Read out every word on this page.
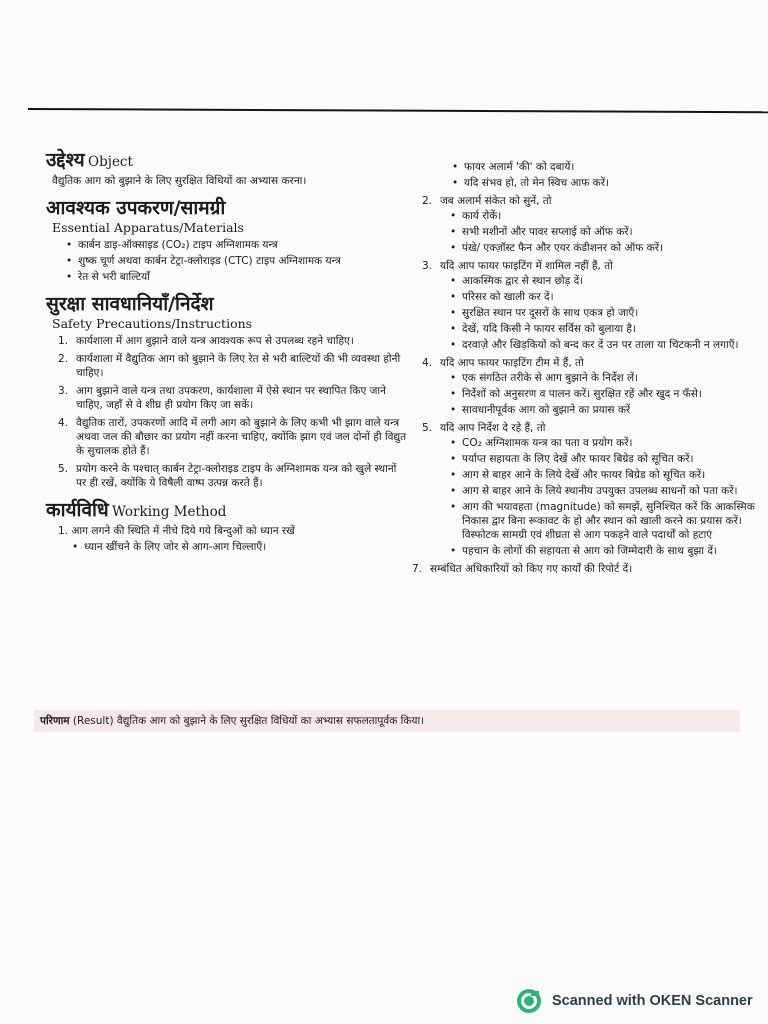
उद्देश्य Object
वैद्युतिक आग को बुझाने के लिए सुरक्षित विधियों का अभ्यास करना।
आवश्यक उपकरण/सामग्री
Essential Apparatus/Materials
• कार्बन डाइ-ऑक्साइड (CO₂) टाइप अग्निशामक यन्त्र
• शुष्क चूर्ण अथवा कार्बन टेट्रा-क्लोराइड (CTC) टाइप अग्निशामक यन्त्र
• रेत से भरी बाल्टियाँ
सुरक्षा सावधानियाँ/निर्देश
Safety Precautions/Instructions
1. कार्यशाला में आग बुझाने वाले यन्त्र आवश्यक रूप से उपलब्ध रहने चाहिए।
2. कार्यशाला में वैद्युतिक आग को बुझाने के लिए रेत से भरी बाल्टियों की भी व्यवस्था होनी चाहिए।
3. आग बुझाने वाले यन्त्र तथा उपकरण, कार्यशाला में ऐसे स्थान पर स्थापित किए जाने चाहिए, जहाँ से वे शीघ्र ही प्रयोग किए जा सकें।
4. वैद्युतिक तारों, उपकरणों आदि में लगी आग को बुझाने के लिए कभी भी झाग वाले यन्त्र अथवा जल की बौछार का प्रयोग नहीं करना चाहिए, क्योंकि झाग एवं जल दोनों ही विद्युत के सुचालक होते हैं।
5. प्रयोग करने के पश्चात् कार्बन टेट्रा-क्लोराइड टाइप के अग्निशामक यन्त्र को खुले स्थानों पर ही रखें, क्योंकि ये विषैली वाष्प उत्पन्न करते हैं।
कार्यविधि Working Method
1. आग लगने की स्थिति में नीचे दिये गये बिन्दुओं को ध्यान रखें
• ध्यान खींचने के लिए जोर से आग-आग चिल्लाएँ।
• फायर अलार्म 'की' को दबायें।
• यदि संभव हो, तो मेन स्विच आफ करें।
2. जब अलार्म संकेत को सुनें, तो
• कार्य रोकें।
• सभी मशीनों और पावर सप्लाई को ऑफ करें।
• पंखे/ एक्ज़ॉस्ट फैन और एयर कंडीशनर को ऑफ करें।
3. यदि आप फायर फाइटिंग में शामिल नहीं हैं, तो
• आकस्मिक द्वार से स्थान छोड़ दें।
• परिसर को खाली कर दें।
• सुरक्षित स्थान पर दूसरों के साथ एकत्र हो जाएँ।
• देखें, यदि किसी ने फायर सर्विस को बुलाया है।
• दरवाज़े और खिड़कियों को बन्द कर दें उन पर ताला या चिटकनी न लगाएँ।
4. यदि आप फायर फाइटिंग टीम में हैं, तो
• एक संगठित तरीके से आग बुझाने के निर्देश लें।
• निर्देशों को अनुसरण व पालन करें। सुरक्षित रहें और खुद न फँसे।
• सावधानीपूर्वक आग को बुझाने का प्रयास करें
5. यदि आप निर्देश दे रहे हैं, तो
• CO₂ अग्निशामक यन्त्र का पता व प्रयोग करें।
• पर्याप्त सहायता के लिए देखें और फायर बिग्रेड को सूचित करें।
• आग से बाहर आने के लिये देखें और फायर बिग्रेड को सूचित करें।
• आग से बाहर आने के लिये स्थानीय उपयुक्त उपलब्ध साधनों को पता करें।
• आग की भयावहता (magnitude) को समझें, सुनिश्चित करें कि आकस्मिक निकास द्वार बिना रूकावट के हो और स्थान को खाली करने का प्रयास करें। विस्फोटक सामग्री एवं शीघ्रता से आग पकड़ने वाले पदार्थों को हटाएं
• पहचान के लोगों की सहायता से आग को जिम्मेदारी के साथ बुझा दें।
7. सम्बंधित अधिकारियों को किए गए कार्यों की रिपोर्ट दें।
परिणाम (Result) वैद्युतिक आग को बुझाने के लिए सुरक्षित विधियों का अभ्यास सफलतापूर्वक किया।
Scanned with OKEN Scanner
